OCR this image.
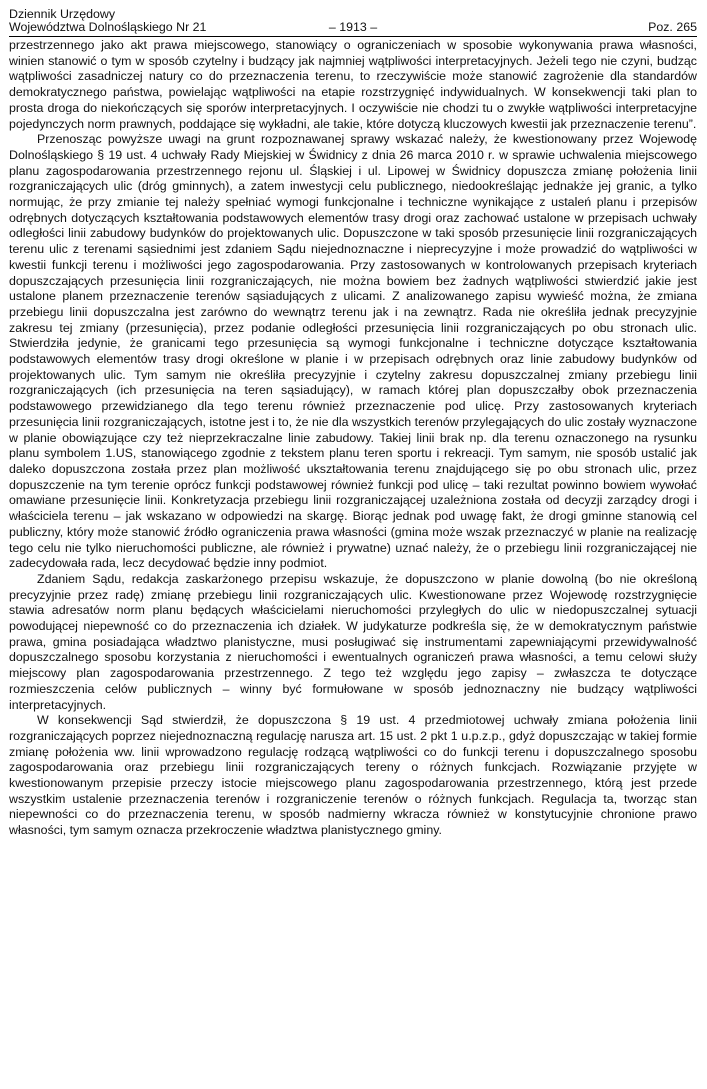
Dziennik Urzędowy
Województwa Dolnośląskiego Nr 21	– 1913 –	Poz. 265

przestrzennego jako akt prawa miejscowego, stanowiący o ograniczeniach w sposobie wykonywania prawa własności, winien stanowić o tym w sposób czytelny i budzący jak najmniej wątpliwości interpretacyjnych. Jeżeli tego nie czyni, budząc wątpliwości zasadniczej natury co do przeznaczenia terenu, to rzeczywiście może stanowić zagrożenie dla standardów demokratycznego państwa, powielając wątpliwości na etapie rozstrzygnięć indywidualnych. W konsekwencji taki plan to prosta droga do niekończących się sporów interpretacyjnych. I oczywiście nie chodzi tu o zwykłe wątpliwości interpretacyjne pojedynczych norm prawnych, poddające się wykładni, ale takie, które dotyczą kluczowych kwestii jak przeznaczenie terenu”.

Przenosząc powyższe uwagi na grunt rozpoznawanej sprawy wskazać należy, że kwestionowany przez Wojewodę Dolnośląskiego § 19 ust. 4 uchwały Rady Miejskiej w Świdnicy z dnia 26 marca 2010 r. w sprawie uchwalenia miejscowego planu zagospodarowania przestrzennego rejonu ul. Śląskiej i ul. Lipowej w Świdnicy dopuszcza zmianę położenia linii rozgraniczających ulic (dróg gminnych), a zatem inwestycji celu publicznego, niedookreślając jednakże jej granic, a tylko normując, że przy zmianie tej należy spełniać wymogi funkcjonalne i techniczne wynikające z ustaleń planu i przepisów odrębnych dotyczących kształtowania podstawowych elementów trasy drogi oraz zachować ustalone w przepisach uchwały odległości linii zabudowy budynków do projektowanych ulic. Dopuszczone w taki sposób przesunięcie linii rozgraniczających terenu ulic z terenami sąsiednimi jest zdaniem Sądu niejednoznaczne i nieprecyzyjne i może prowadzić do wątpliwości w kwestii funkcji terenu i możliwości jego zagospodarowania. Przy zastosowanych w kontrolowanych przepisach kryteriach dopuszczających przesunięcia linii rozgraniczających, nie można bowiem bez żadnych wątpliwości stwierdzić jakie jest ustalone planem przeznaczenie terenów sąsiadujących z ulicami. Z analizowanego zapisu wywieść można, że zmiana przebiegu linii dopuszczalna jest zarówno do wewnątrz terenu jak i na zewnątrz. Rada nie określiła jednak precyzyjnie zakresu tej zmiany (przesunięcia), przez podanie odległości przesunięcia linii rozgraniczających po obu stronach ulic. Stwierdziła jedynie, że granicami tego przesunięcia są wymogi funkcjonalne i techniczne dotyczące kształtowania podstawowych elementów trasy drogi określone w planie i w przepisach odrębnych oraz linie zabudowy budynków od projektowanych ulic. Tym samym nie określiła precyzyjnie i czytelny zakresu dopuszczalnej zmiany przebiegu linii rozgraniczających (ich przesunięcia na teren sąsiadujący), w ramach której plan dopuszczałby obok przeznaczenia podstawowego przewidzianego dla tego terenu również przeznaczenie pod ulicę. Przy zastosowanych kryteriach przesunięcia linii rozgraniczających, istotne jest i to, że nie dla wszystkich terenów przylegających do ulic zostały wyznaczone w planie obowiązujące czy też nieprzekraczalne linie zabudowy. Takiej linii brak np. dla terenu oznaczonego na rysunku planu symbolem 1.US, stanowiącego zgodnie z tekstem planu teren sportu i rekreacji. Tym samym, nie sposób ustalić jak daleko dopuszczona została przez plan możliwość ukształtowania terenu znajdującego się po obu stronach ulic, przez dopuszczenie na tym terenie oprócz funkcji podstawowej również funkcji pod ulicę – taki rezultat powinno bowiem wywołać omawiane przesunięcie linii. Konkretyzacja przebiegu linii rozgraniczającej uzależniona została od decyzji zarządcy drogi i właściciela terenu – jak wskazano w odpowiedzi na skargę. Biorąc jednak pod uwagę fakt, że drogi gminne stanowią cel publiczny, który może stanowić źródło ograniczenia prawa własności (gmina może wszak przeznaczyć w planie na realizację tego celu nie tylko nieruchomości publiczne, ale również i prywatne) uznać należy, że o przebiegu linii rozgraniczającej nie zadecydowała rada, lecz decydować będzie inny podmiot.

Zdaniem Sądu, redakcja zaskarżonego przepisu wskazuje, że dopuszczono w planie dowolną (bo nie określoną precyzyjnie przez radę) zmianę przebiegu linii rozgraniczających ulic. Kwestionowane przez Wojewodę rozstrzygnięcie stawia adresatów norm planu będących właścicielami nieruchomości przyległych do ulic w niedopuszczalnej sytuacji powodującej niepewność co do przeznaczenia ich działek. W judykaturze podkreśla się, że w demokratycznym państwie prawa, gmina posiadająca władztwo planistyczne, musi posługiwać się instrumentami zapewniającymi przewidywalność dopuszczalnego sposobu korzystania z nieruchomości i ewentualnych ograniczeń prawa własności, a temu celowi służy miejscowy plan zagospodarowania przestrzennego. Z tego też względu jego zapisy – zwłaszcza te dotyczące rozmieszczenia celów publicznych – winny być formułowane w sposób jednoznaczny nie budzący wątpliwości interpretacyjnych.

W konsekwencji Sąd stwierdził, że dopuszczona § 19 ust. 4 przedmiotowej uchwały zmiana położenia linii rozgraniczających poprzez niejednoznaczną regulację narusza art. 15 ust. 2 pkt 1 u.p.z.p., gdyż dopuszczając w takiej formie zmianę położenia ww. linii wprowadzono regulację rodzącą wątpliwości co do funkcji terenu i dopuszczalnego sposobu zagospodarowania oraz przebiegu linii rozgraniczających tereny o różnych funkcjach. Rozwiązanie przyjęte w kwestionowanym przepisie przeczy istocie miejscowego planu zagospodarowania przestrzennego, którą jest przede wszystkim ustalenie przeznaczenia terenów i rozgraniczenie terenów o różnych funkcjach. Regulacja ta, tworząc stan niepewności co do przeznaczenia terenu, w sposób nadmierny wkracza również w konstytucyjnie chronione prawo własności, tym samym oznacza przekroczenie władztwa planistycznego gminy.
